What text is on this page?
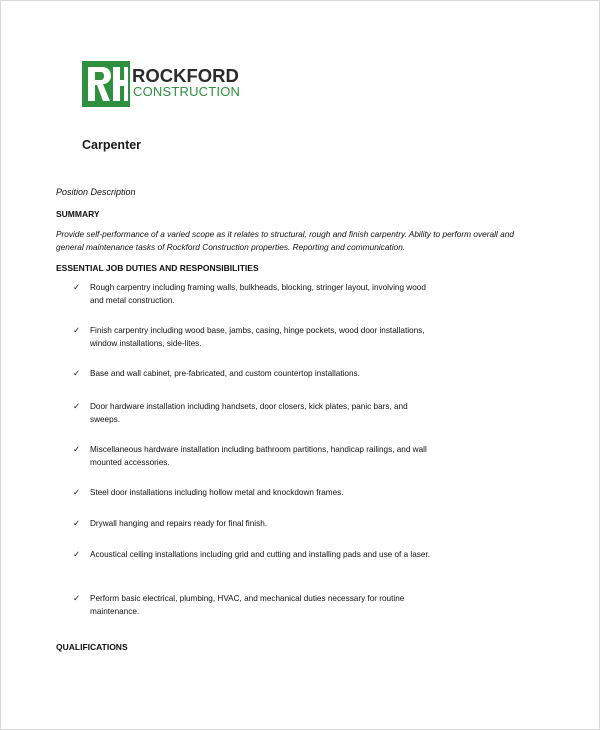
ROCKFORD
CONSTRUCTION
Carpenter
Position Description
SUMMARY
Provide self-performance of a varied scope as it relates to structural, rough and finish carpentry. Ability to perform overall and general maintenance tasks of Rockford Construction properties. Reporting and communication.
ESSENTIAL JOB DUTIES AND RESPONSIBILITIES
✓ Rough carpentry including framing walls, bulkheads, blocking, stringer layout, involving wood and metal construction.
✓ Finish carpentry including wood base, jambs, casing, hinge pockets, wood door installations, window installations, side-lites.
✓ Base and wall cabinet, pre-fabricated, and custom countertop installations.
✓ Door hardware installation including handsets, door closers, kick plates, panic bars, and sweeps.
✓ Miscellaneous hardware installation including bathroom partitions, handicap railings, and wall mounted accessories.
✓ Steel door installations including hollow metal and knockdown frames.
✓ Drywall hanging and repairs ready for final finish.
✓ Acoustical ceiling installations including grid and cutting and installing pads and use of a laser.
✓ Perform basic electrical, plumbing, HVAC, and mechanical duties necessary for routine maintenance.
QUALIFICATIONS
